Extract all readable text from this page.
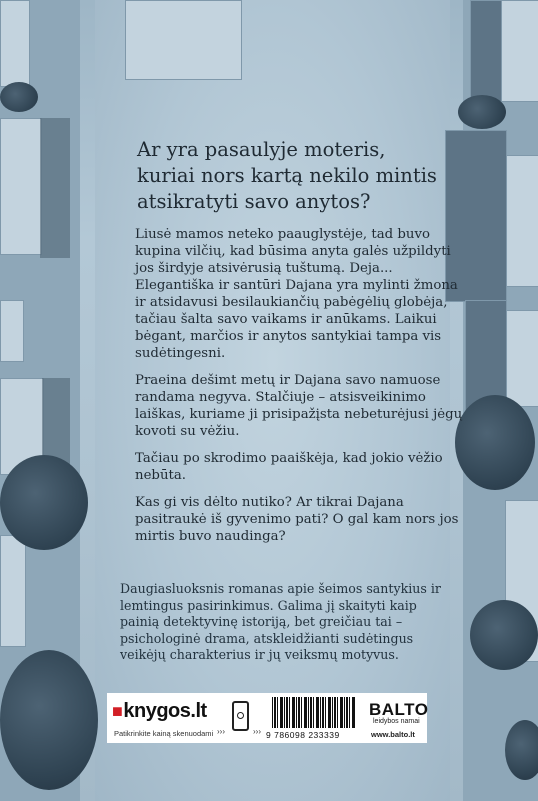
Ar yra pasaulyje moteris, kuriai nors kartą nekilo mintis atsikratyti savo anytos?

Liusė mamos neteko paauglystėje, tad buvo kupina vilčių, kad būsima anyta galės užpildyti jos širdyje atsivėrusią tuštumą. Deja... Elegantiška ir santūri Dajana yra mylinti žmona ir atsidavusi besilaukiančių pabėgėlių globėja, tačiau šalta savo vaikams ir anūkams. Laikui bėgant, marčios ir anytos santykiai tampa vis sudėtingesni.

Praeina dešimt metų ir Dajana savo namuose randama negyva. Stalčiuje – atsisveikinimo laiškas, kuriame ji prisipažįsta nebeturėjusi jėgų kovoti su vėžiu.

Tačiau po skrodimo paaiškėja, kad jokio vėžio nebūta.

Kas gi vis dėlto nutiko? Ar tikrai Dajana pasitraukė iš gyvenimo pati? O gal kam nors jos mirtis buvo naudinga?

Daugiasluoksnis romanas apie šeimos santykius ir lemtingus pasirinkimus. Galima jį skaityti kaip painią detektyvinę istoriją, bet greičiau tai – psichologinė drama, atskleidžianti sudėtingus veikėjų charakterius ir jų veiksmų motyvus.

■knygos.lt
Patikrinkite kainą skenuodami ›››	››› 9 786098 233339
BALTO
leidybos namai
www.balto.lt
